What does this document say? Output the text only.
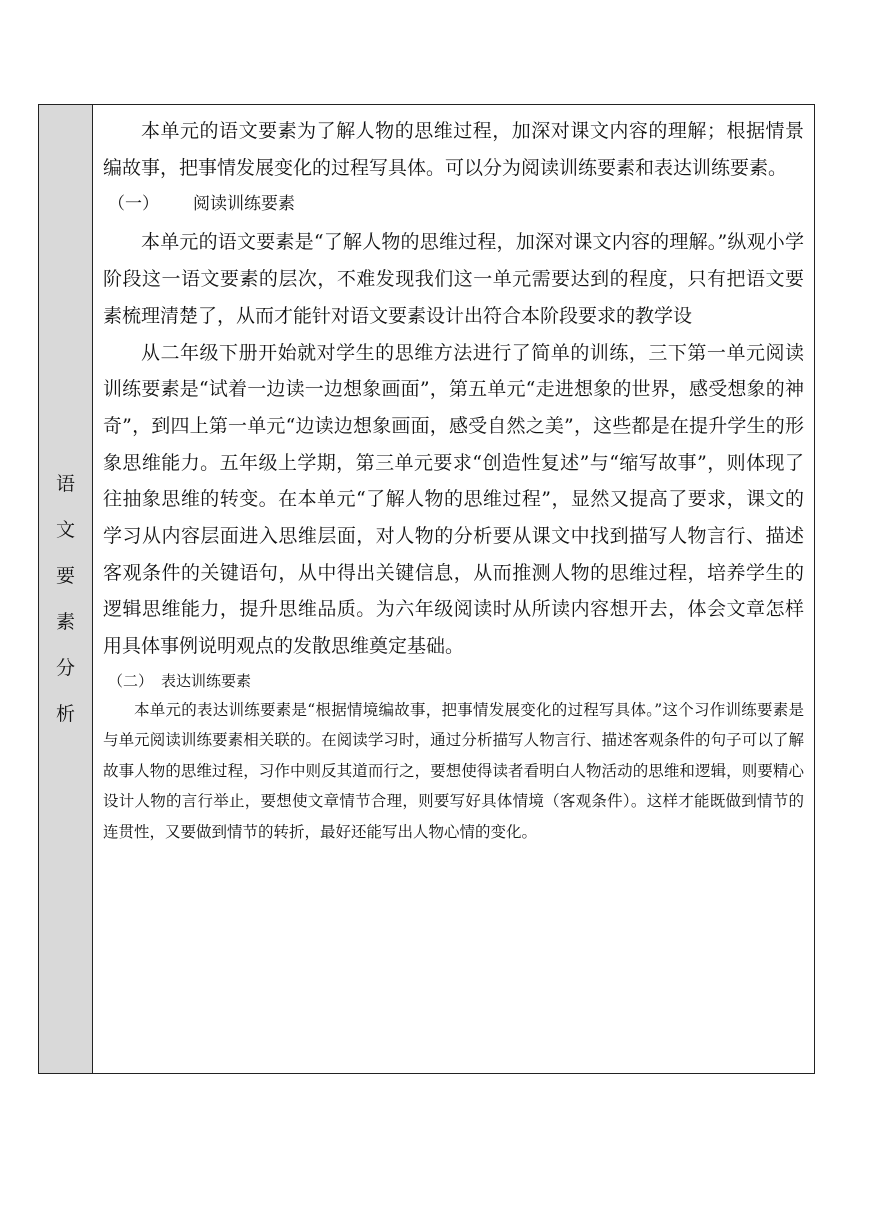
语
文
要
素
分
析

本单元的语文要素为了解人物的思维过程，加深对课文内容的理解；根据情景编故事，把事情发展变化的过程写具体。可以分为阅读训练要素和表达训练要素。

（一） 阅读训练要素

本单元的语文要素是“了解人物的思维过程，加深对课文内容的理解。”纵观小学阶段这一语文要素的层次，不难发现我们这一单元需要达到的程度，只有把语文要素梳理清楚了，从而才能针对语文要素设计出符合本阶段要求的教学设

从二年级下册开始就对学生的思维方法进行了简单的训练，三下第一单元阅读训练要素是“试着一边读一边想象画面”，第五单元“走进想象的世界，感受想象的神奇”，到四上第一单元“边读边想象画面，感受自然之美”，这些都是在提升学生的形象思维能力。五年级上学期，第三单元要求“创造性复述”与“缩写故事”，则体现了往抽象思维的转变。在本单元“了解人物的思维过程”，显然又提高了要求，课文的学习从内容层面进入思维层面，对人物的分析要从课文中找到描写人物言行、描述客观条件的关键语句，从中得出关键信息，从而推测人物的思维过程，培养学生的逻辑思维能力，提升思维品质。为六年级阅读时从所读内容想开去，体会文章怎样用具体事例说明观点的发散思维奠定基础。

（二） 表达训练要素

本单元的表达训练要素是“根据情境编故事，把事情发展变化的过程写具体。”这个习作训练要素是与单元阅读训练要素相关联的。在阅读学习时，通过分析描写人物言行、描述客观条件的句子可以了解故事人物的思维过程，习作中则反其道而行之，要想使得读者看明白人物活动的思维和逻辑，则要精心设计人物的言行举止，要想使文章情节合理，则要写好具体情境（客观条件）。这样才能既做到情节的连贯性，又要做到情节的转折，最好还能写出人物心情的变化。
